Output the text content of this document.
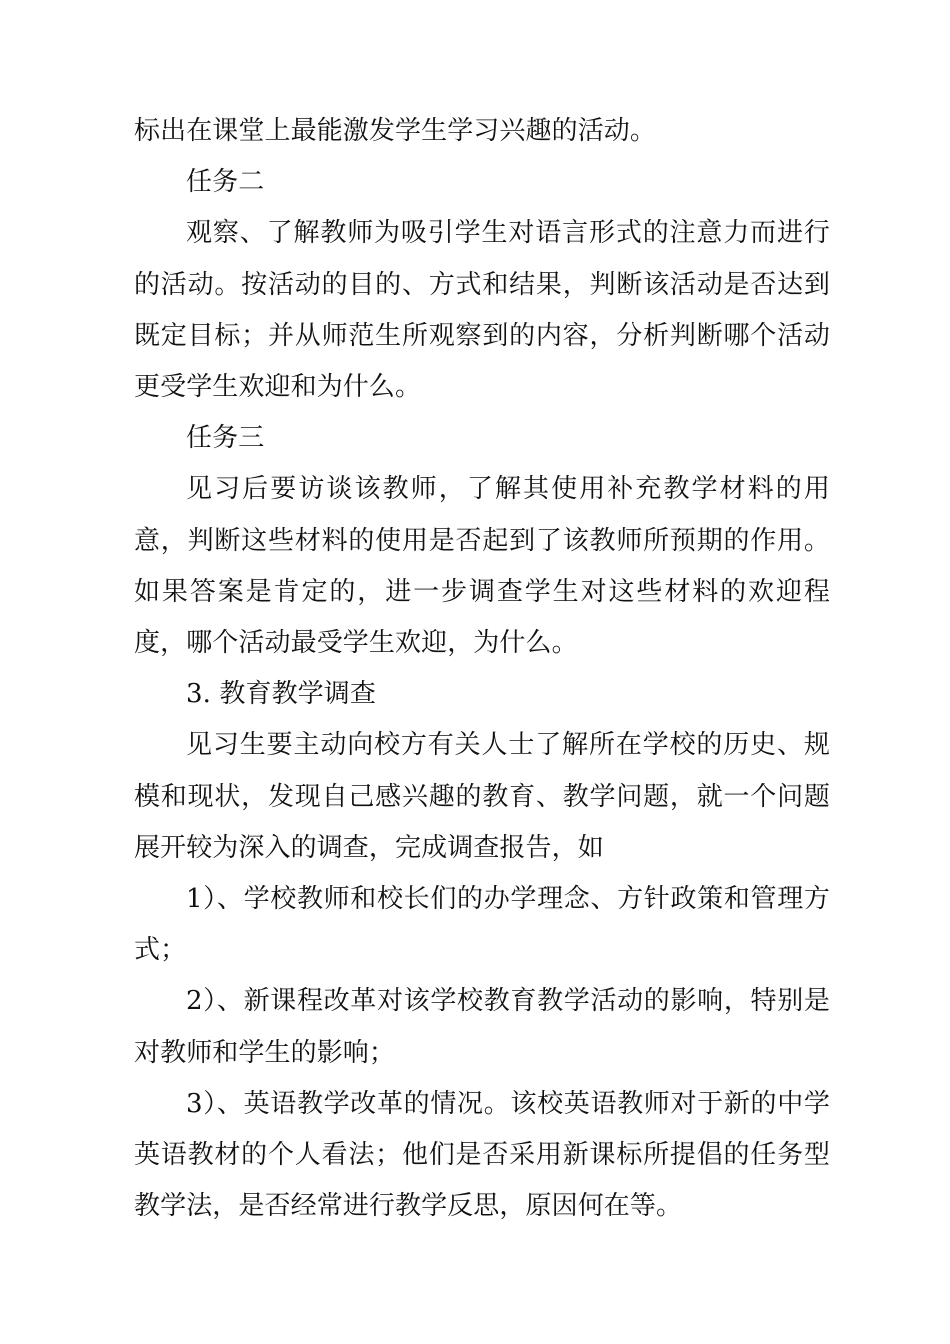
标出在课堂上最能激发学生学习兴趣的活动。

任务二

观察、了解教师为吸引学生对语言形式的注意力而进行的活动。按活动的目的、方式和结果，判断该活动是否达到既定目标；并从师范生所观察到的内容，分析判断哪个活动更受学生欢迎和为什么。

任务三

见习后要访谈该教师，了解其使用补充教学材料的用意，判断这些材料的使用是否起到了该教师所预期的作用。如果答案是肯定的，进一步调查学生对这些材料的欢迎程度，哪个活动最受学生欢迎，为什么。

3. 教育教学调查

见习生要主动向校方有关人士了解所在学校的历史、规模和现状，发现自己感兴趣的教育、教学问题，就一个问题展开较为深入的调查，完成调查报告，如

1）、学校教师和校长们的办学理念、方针政策和管理方式；

2）、新课程改革对该学校教育教学活动的影响，特别是对教师和学生的影响；

3）、英语教学改革的情况。该校英语教师对于新的中学英语教材的个人看法；他们是否采用新课标所提倡的任务型教学法，是否经常进行教学反思，原因何在等。
